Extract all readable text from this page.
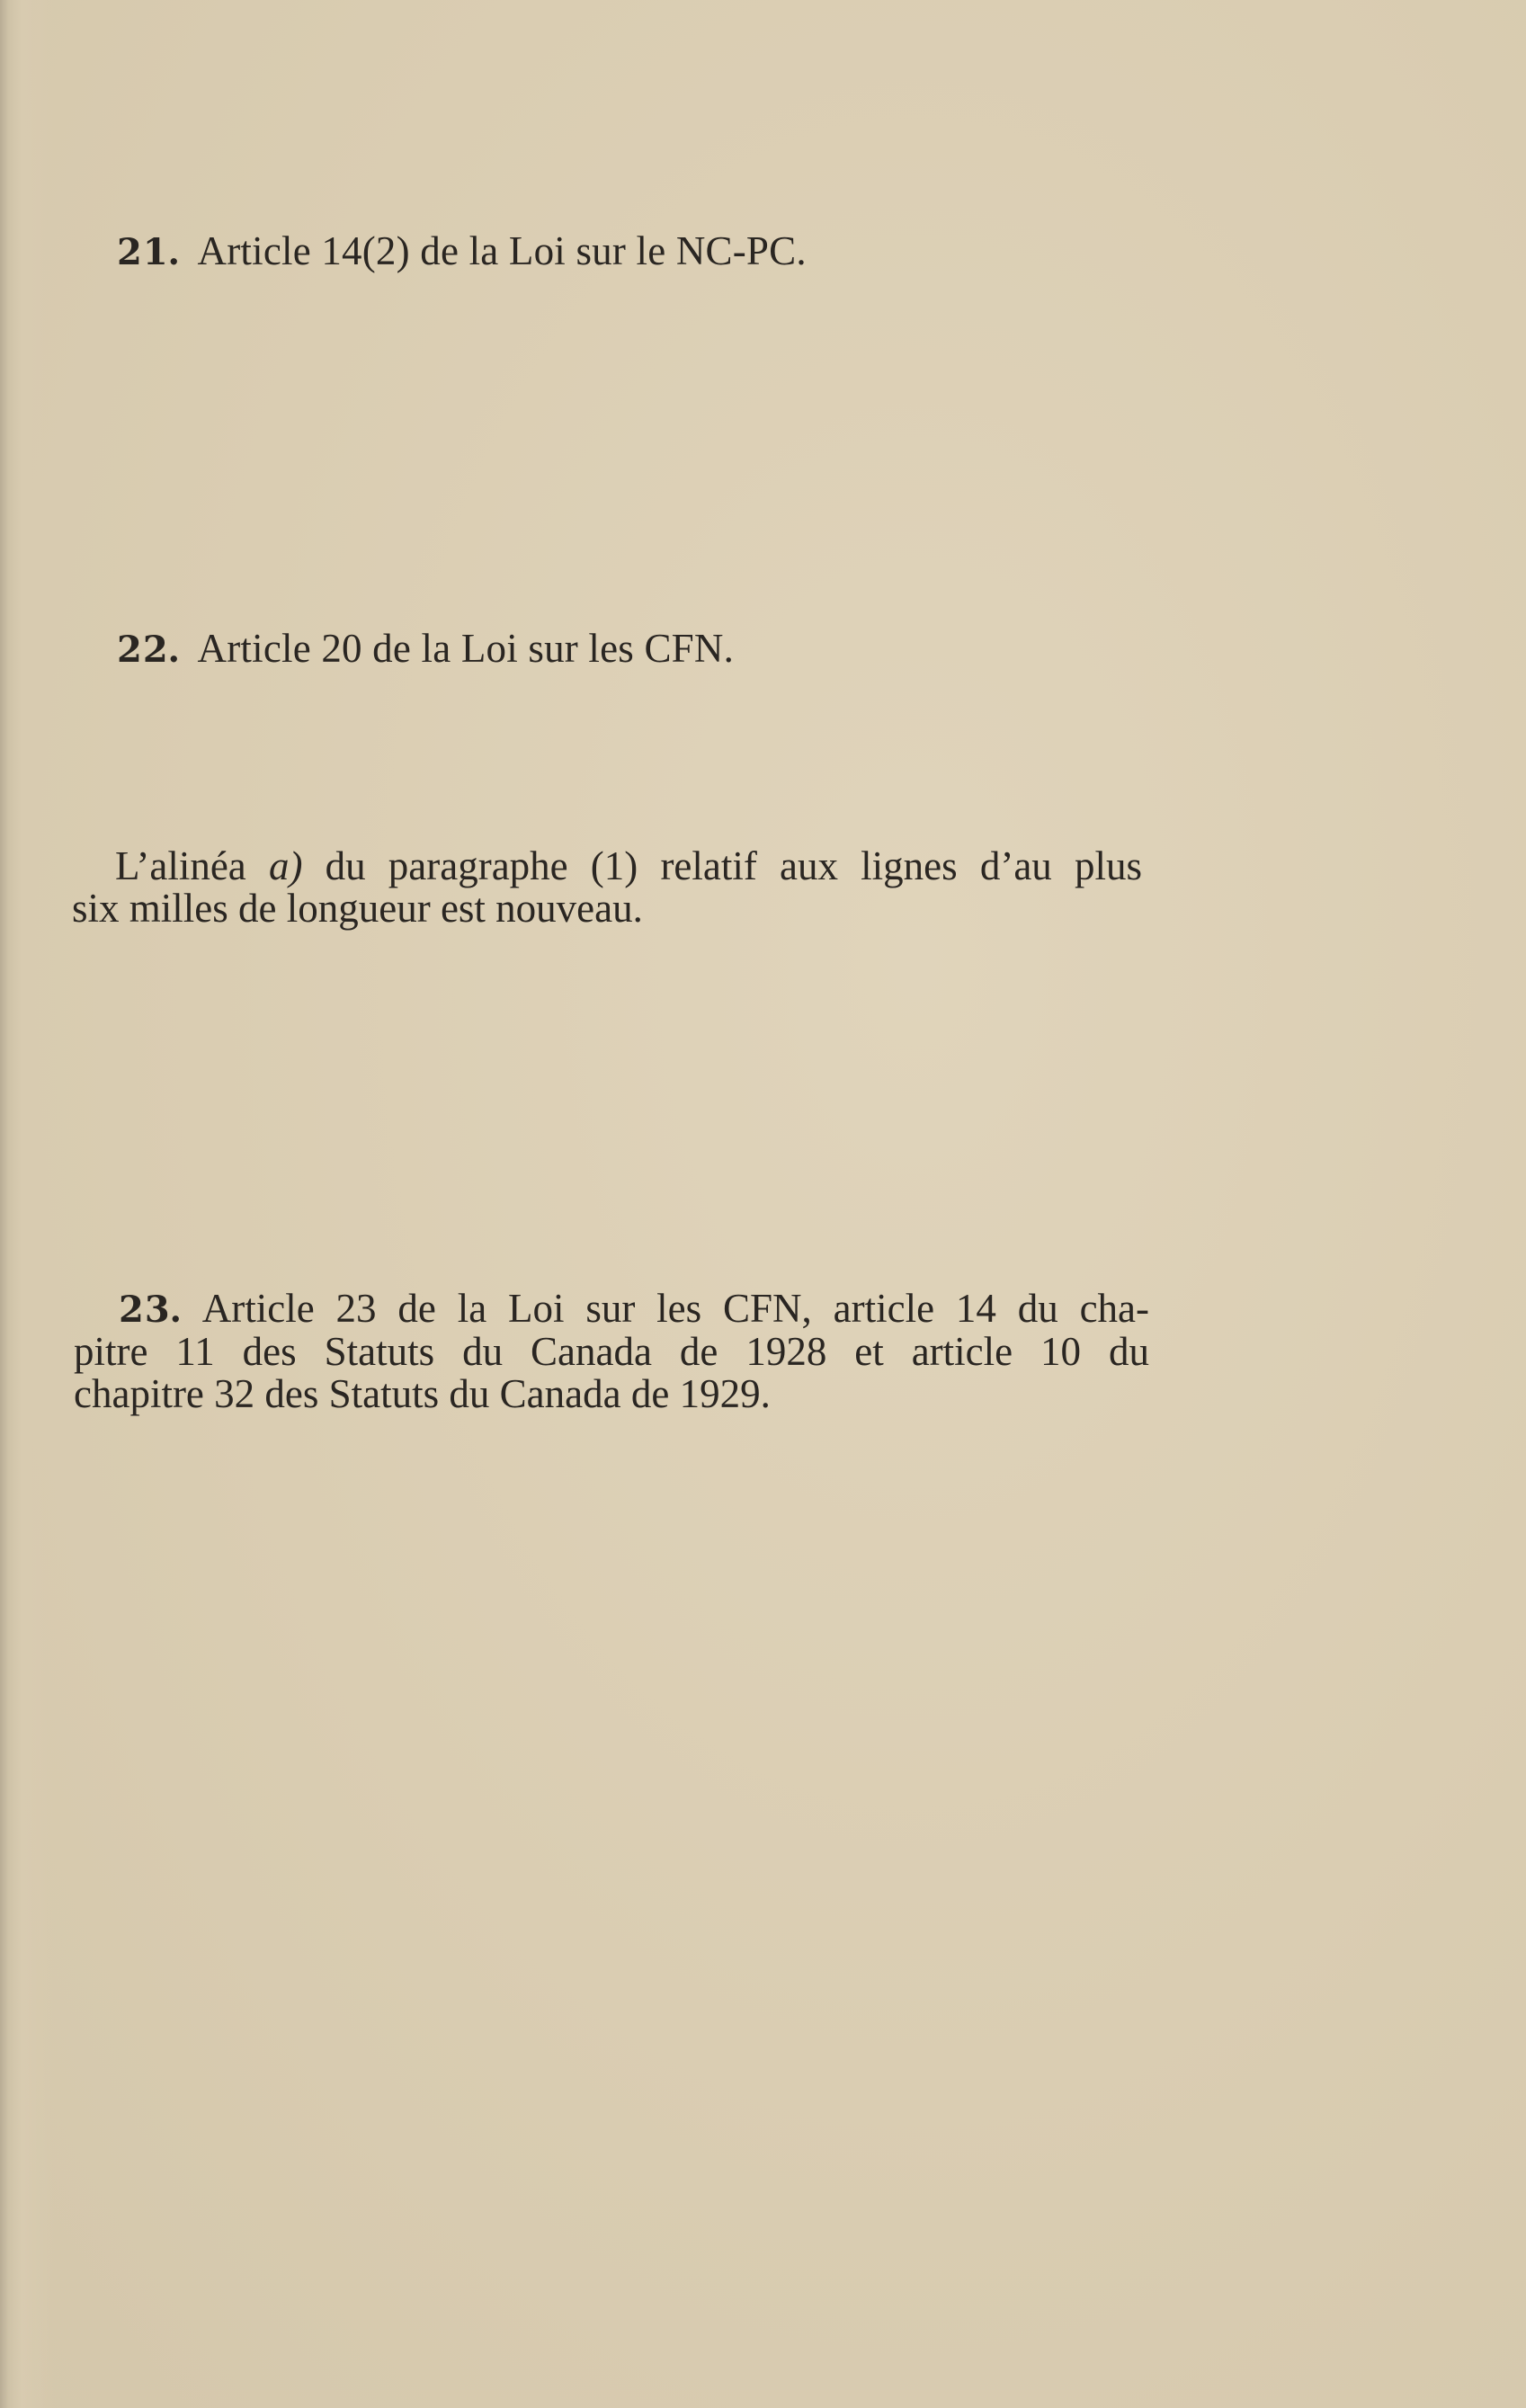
21. Article 14(2) de la Loi sur le NC-PC.
22. Article 20 de la Loi sur les CFN.
L’alinéa a) du paragraphe (1) relatif aux lignes d’au plus
six milles de longueur est nouveau.
23. Article 23 de la Loi sur les CFN, article 14 du cha-
pitre 11 des Statuts du Canada de 1928 et article 10 du
chapitre 32 des Statuts du Canada de 1929.
